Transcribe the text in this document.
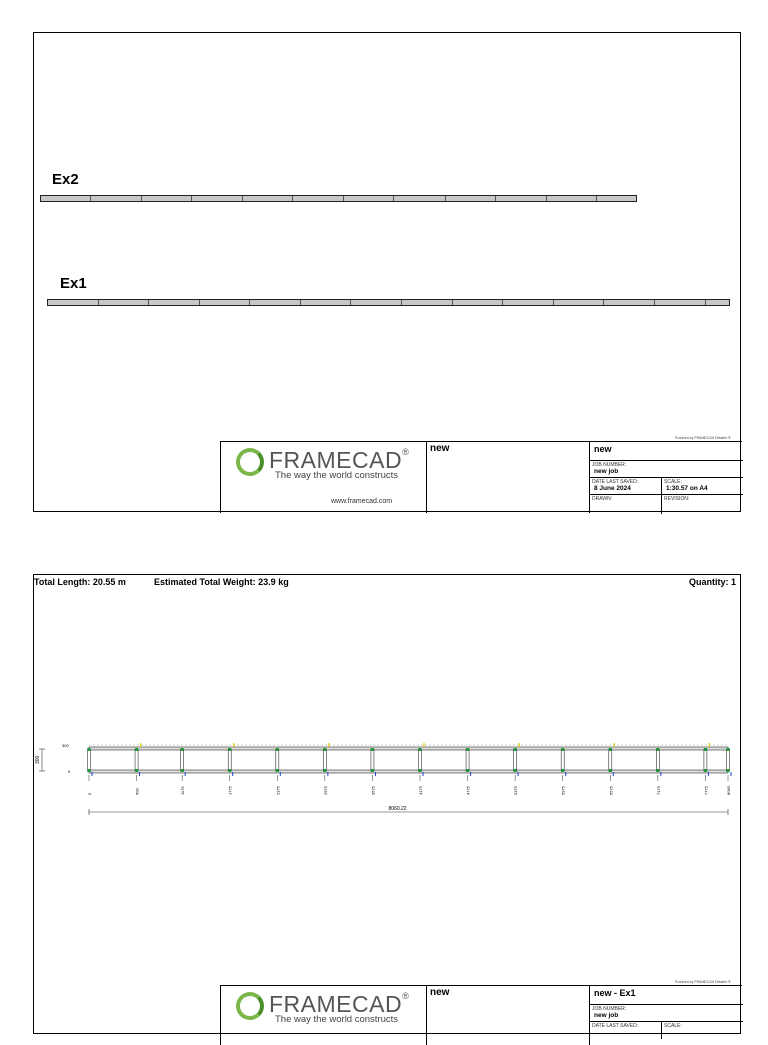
Ex2
Ex1
Powered by FRAMECAD Detailer ®
FRAMECAD®
The way the world constructs
www.framecad.com
new	new
JOB NUMBER:
new job
DATE LAST SAVED:
8 June 2024
SCALE:
1:30.57 on A4
DRAWN:	REVISION:
Total Length: 20.55 m	Estimated Total Weight: 23.9 kg	Quantity: 1
0	600	1175	1775	2375	2975	3575	4175	4775	5375	5975	6575	7175	7775	8060
8060.22
300
300
0
Powered by FRAMECAD Detailer ®
FRAMECAD®
The way the world constructs
new	new - Ex1
JOB NUMBER:
new job
DATE LAST SAVED:	SCALE:
